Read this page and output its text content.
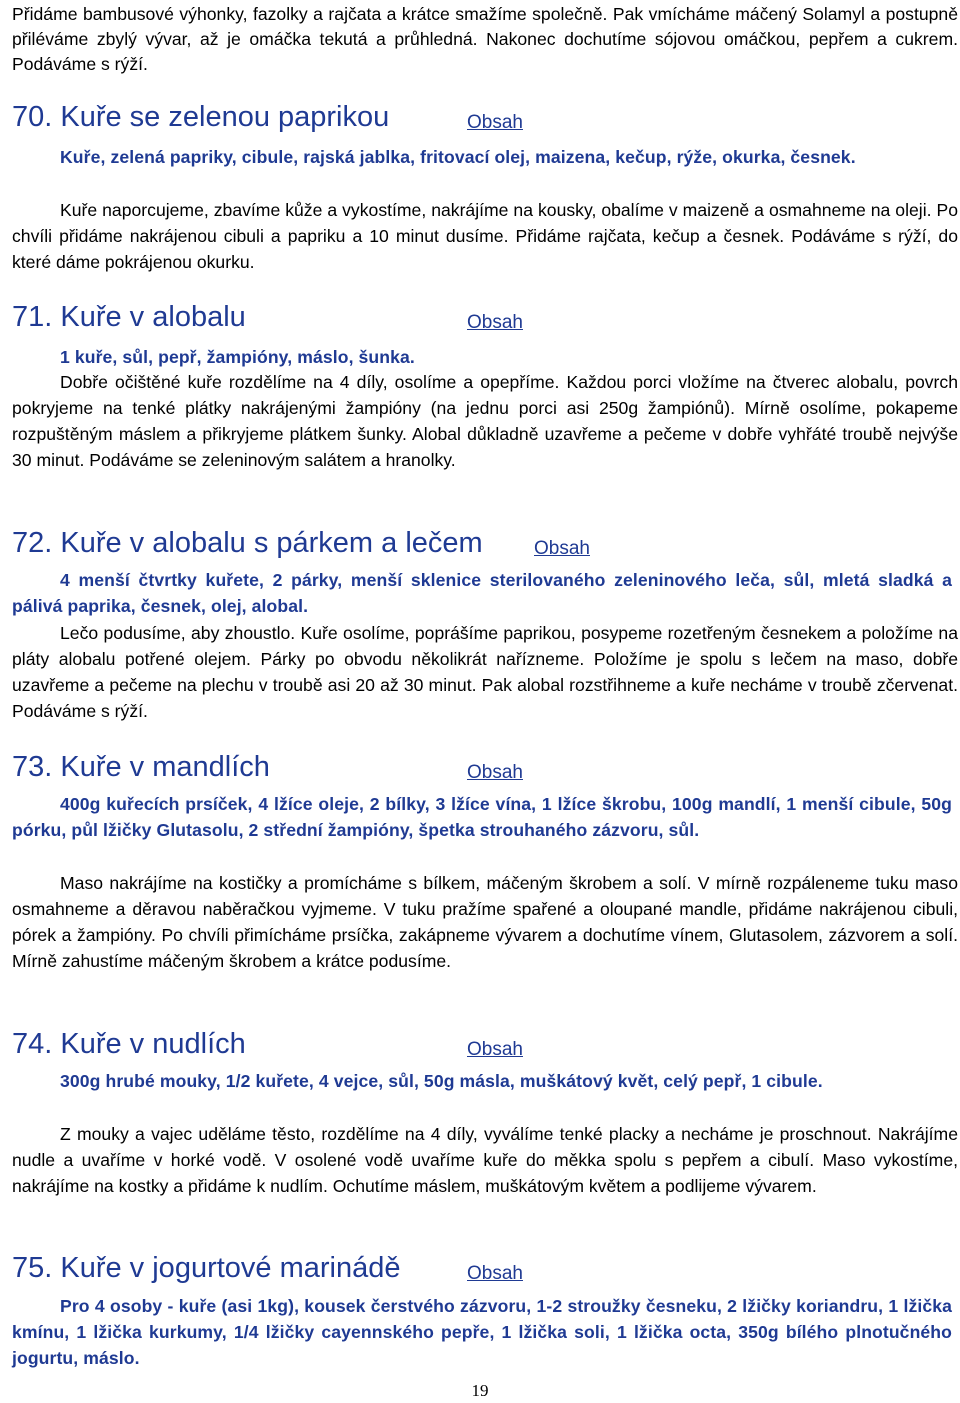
Přidáme bambusové výhonky, fazolky a rajčata a krátce smažíme společně. Pak vmícháme máčený Solamyl a postupně přiléváme zbylý vývar, až je omáčka tekutá a průhledná. Nakonec dochutíme sójovou omáčkou, pepřem a cukrem. Podáváme s rýží.
70. Kuře se zelenou paprikou	Obsah
Kuře, zelená papriky, cibule, rajská jablka, fritovací olej, maizena, kečup, rýže, okurka, česnek.
Kuře naporcujeme, zbavíme kůže a vykostíme, nakrájíme na kousky, obalíme v maizeně a osmahneme na oleji. Po chvíli přidáme nakrájenou cibuli a papriku a 10 minut dusíme. Přidáme rajčata, kečup a česnek. Podáváme s rýží, do které dáme pokrájenou okurku.
71. Kuře v alobalu	Obsah
1 kuře, sůl, pepř, žampióny, máslo, šunka.
Dobře očištěné kuře rozdělíme na 4 díly, osolíme a opepříme. Každou porci vložíme na čtverec alobalu, povrch pokryjeme na tenké plátky nakrájenými žampióny (na jednu porci asi 250g žampiónů). Mírně osolíme, pokapeme rozpuštěným máslem a přikryjeme plátkem šunky. Alobal důkladně uzavřeme a pečeme v dobře vyhřáté troubě nejvýše 30 minut. Podáváme se zeleninovým salátem a hranolky.
72. Kuře v alobalu s párkem a lečem	Obsah
4 menší čtvrtky kuřete, 2 párky, menší sklenice sterilovaného zeleninového leča, sůl, mletá sladká a pálivá paprika, česnek, olej, alobal.
Lečo podusíme, aby zhoustlo. Kuře osolíme, poprášíme paprikou, posypeme rozetřeným česnekem a položíme na pláty alobalu potřené olejem. Párky po obvodu několikrát nařízneme. Položíme je spolu s lečem na maso, dobře uzavřeme a pečeme na plechu v troubě asi 20 až 30 minut. Pak alobal rozstřihneme a kuře necháme v troubě zčervenat. Podáváme s rýží.
73. Kuře v mandlích	Obsah
400g kuřecích prsíček, 4 lžíce oleje, 2 bílky, 3 lžíce vína, 1 lžíce škrobu, 100g mandlí, 1 menší cibule, 50g pórku, půl lžičky Glutasolu, 2 střední žampióny, špetka strouhaného zázvoru, sůl.
Maso nakrájíme na kostičky a promícháme s bílkem, máčeným škrobem a solí. V mírně rozpáleneme tuku maso osmahneme a děravou naběračkou vyjmeme. V tuku pražíme spařené a oloupané mandle, přidáme nakrájenou cibuli, pórek a žampióny. Po chvíli přimícháme prsíčka, zakápneme vývarem a dochutíme vínem, Glutasolem, zázvorem a solí. Mírně zahustíme máčeným škrobem a krátce podusíme.
74. Kuře v nudlích	Obsah
300g hrubé mouky, 1/2 kuřete, 4 vejce, sůl, 50g másla, muškátový květ, celý pepř, 1 cibule.
Z mouky a vajec uděláme těsto, rozdělíme na 4 díly, vyválíme tenké placky a necháme je proschnout. Nakrájíme nudle a uvaříme v horké vodě. V osolené vodě uvaříme kuře do měkka spolu s pepřem a cibulí. Maso vykostíme, nakrájíme na kostky a přidáme k nudlím. Ochutíme máslem, muškátovým květem a podlijeme vývarem.
75. Kuře v jogurtové marinádě	Obsah
Pro 4 osoby - kuře (asi 1kg), kousek čerstvého zázvoru, 1-2 stroužky česneku, 2 lžičky koriandru, 1 lžička kmínu, 1 lžička kurkumy, 1/4 lžičky cayennského pepře, 1 lžička soli, 1 lžička octa, 350g bílého plnotučného jogurtu, máslo.
19
